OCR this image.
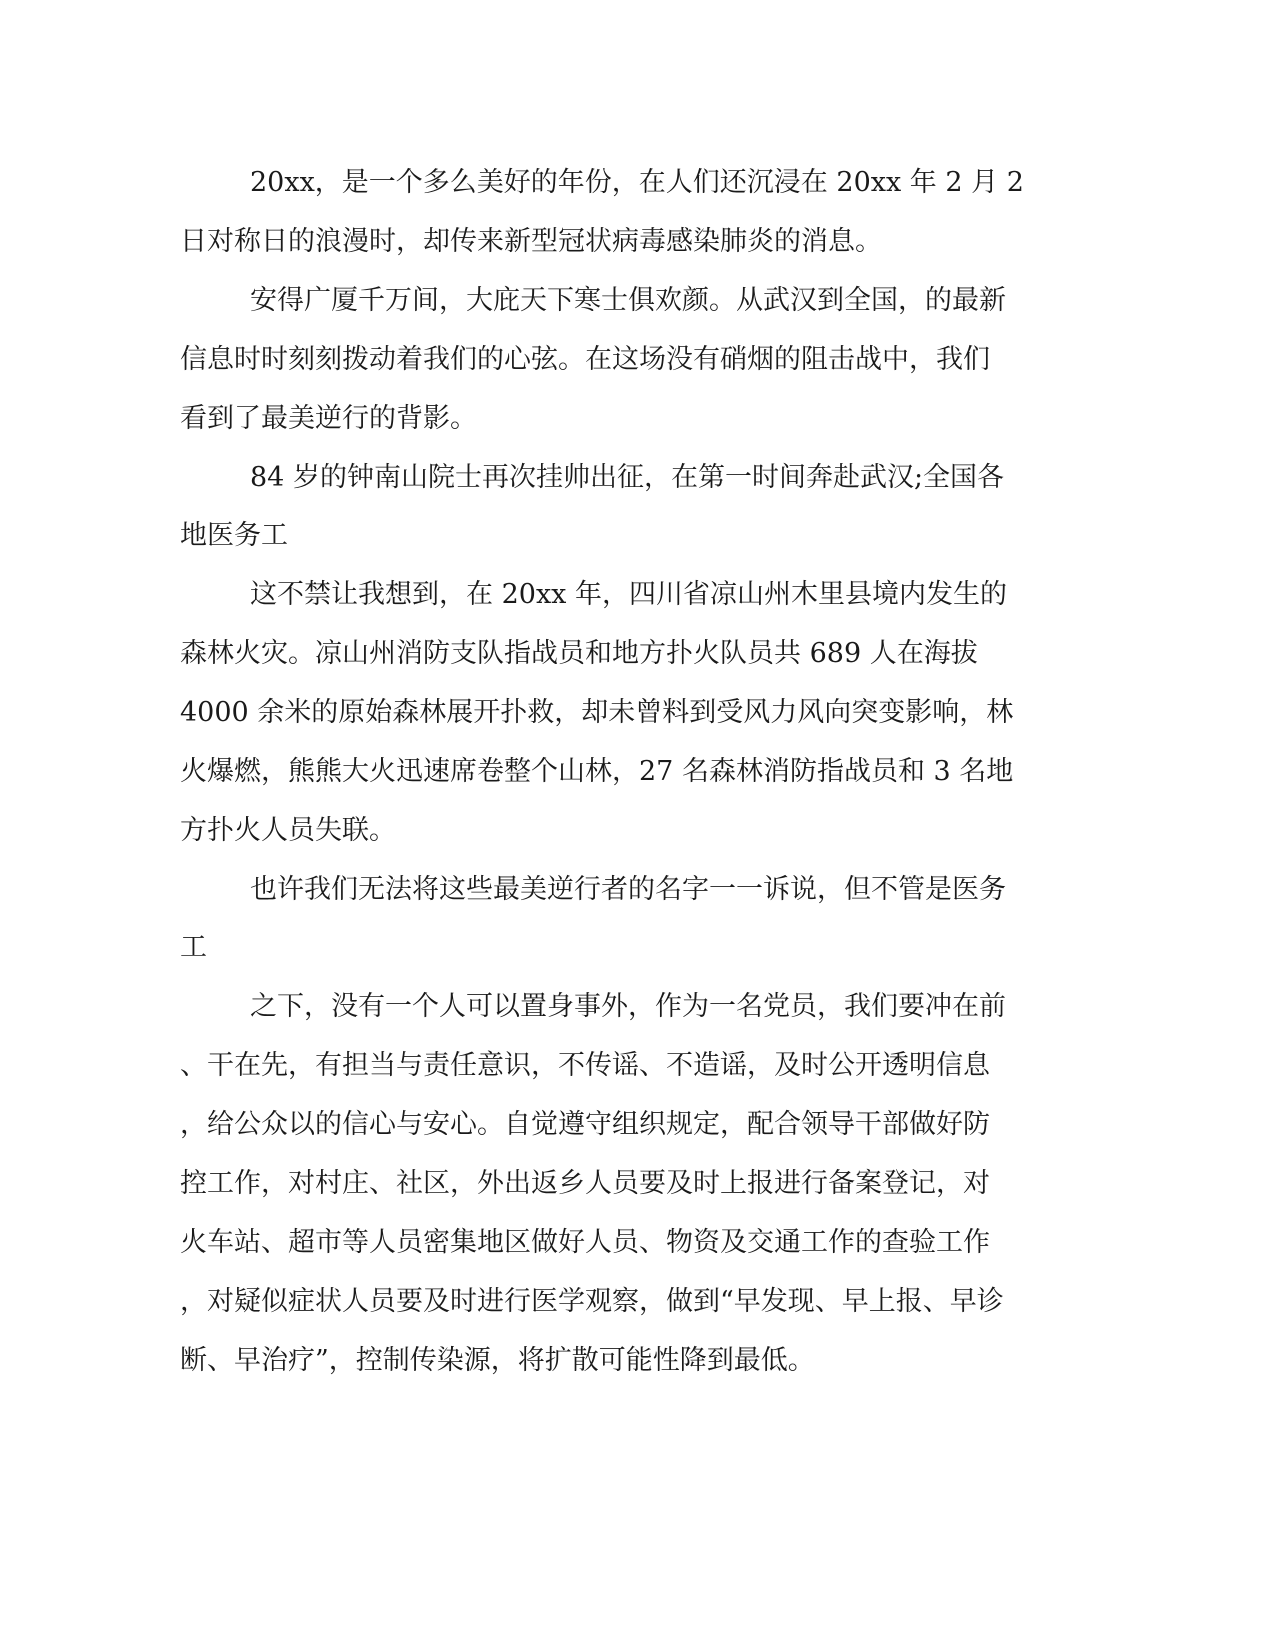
20xx，是一个多么美好的年份，在人们还沉浸在 20xx 年 2 月 2
日对称日的浪漫时，却传来新型冠状病毒感染肺炎的消息。
安得广厦千万间，大庇天下寒士俱欢颜。从武汉到全国，的最新
信息时时刻刻拨动着我们的心弦。在这场没有硝烟的阻击战中，我们
看到了最美逆行的背影。
84 岁的钟南山院士再次挂帅出征，在第一时间奔赴武汉;全国各
地医务工
这不禁让我想到，在 20xx 年，四川省凉山州木里县境内发生的
森林火灾。凉山州消防支队指战员和地方扑火队员共 689 人在海拔
4000 余米的原始森林展开扑救，却未曾料到受风力风向突变影响，林
火爆燃，熊熊大火迅速席卷整个山林，27 名森林消防指战员和 3 名地
方扑火人员失联。
也许我们无法将这些最美逆行者的名字一一诉说，但不管是医务
工
之下，没有一个人可以置身事外，作为一名党员，我们要冲在前
、干在先，有担当与责任意识，不传谣、不造谣，及时公开透明信息
，给公众以的信心与安心。自觉遵守组织规定，配合领导干部做好防
控工作，对村庄、社区，外出返乡人员要及时上报进行备案登记，对
火车站、超市等人员密集地区做好人员、物资及交通工作的查验工作
，对疑似症状人员要及时进行医学观察，做到“早发现、早上报、早诊
断、早治疗”，控制传染源，将扩散可能性降到最低。
